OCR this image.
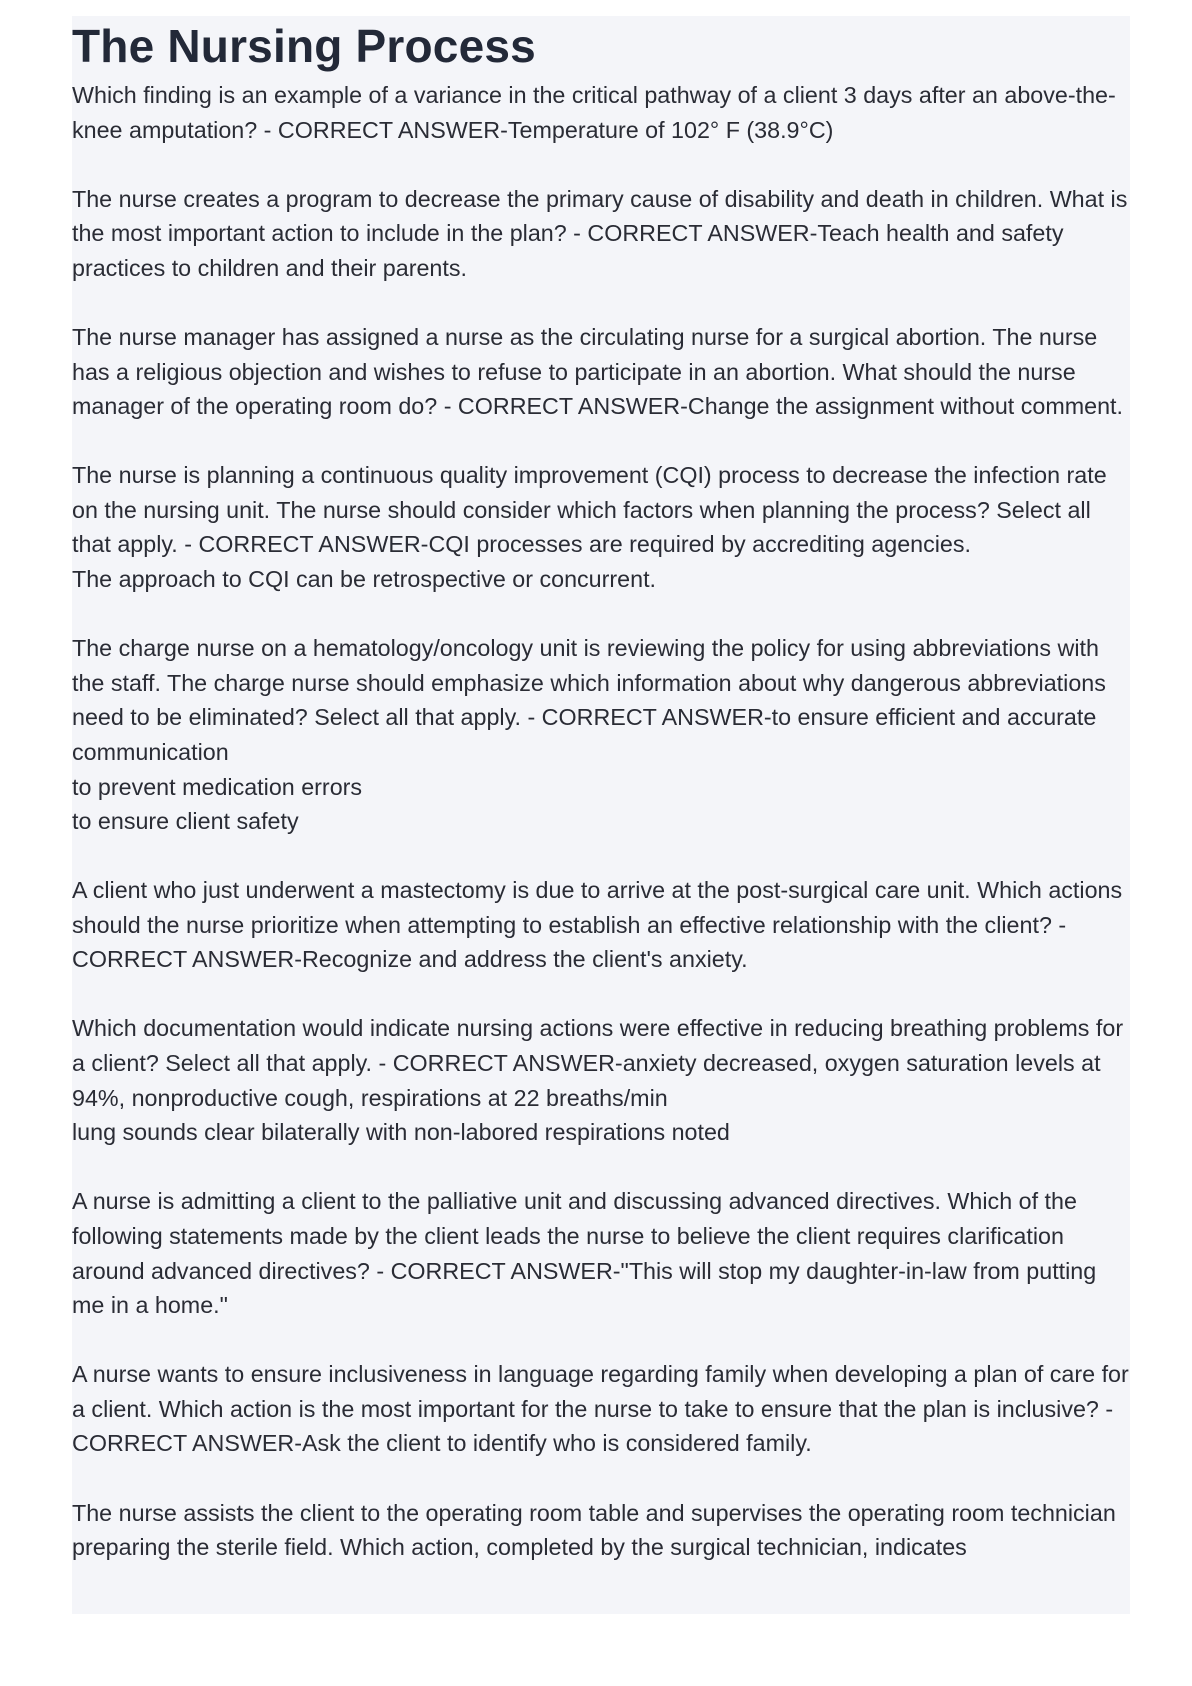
The Nursing Process

Which finding is an example of a variance in the critical pathway of a client 3 days after an above-the-knee amputation? - CORRECT ANSWER-Temperature of 102° F (38.9°C)

The nurse creates a program to decrease the primary cause of disability and death in children. What is the most important action to include in the plan? - CORRECT ANSWER-Teach health and safety practices to children and their parents.

The nurse manager has assigned a nurse as the circulating nurse for a surgical abortion. The nurse has a religious objection and wishes to refuse to participate in an abortion. What should the nurse manager of the operating room do? - CORRECT ANSWER-Change the assignment without comment.

The nurse is planning a continuous quality improvement (CQI) process to decrease the infection rate on the nursing unit. The nurse should consider which factors when planning the process? Select all that apply. - CORRECT ANSWER-CQI processes are required by accrediting agencies.
The approach to CQI can be retrospective or concurrent.

The charge nurse on a hematology/oncology unit is reviewing the policy for using abbreviations with the staff. The charge nurse should emphasize which information about why dangerous abbreviations need to be eliminated? Select all that apply. - CORRECT ANSWER-to ensure efficient and accurate communication
to prevent medication errors
to ensure client safety

A client who just underwent a mastectomy is due to arrive at the post-surgical care unit. Which actions should the nurse prioritize when attempting to establish an effective relationship with the client? - CORRECT ANSWER-Recognize and address the client's anxiety.

Which documentation would indicate nursing actions were effective in reducing breathing problems for a client? Select all that apply. - CORRECT ANSWER-anxiety decreased, oxygen saturation levels at 94%, nonproductive cough, respirations at 22 breaths/min
lung sounds clear bilaterally with non-labored respirations noted

A nurse is admitting a client to the palliative unit and discussing advanced directives. Which of the following statements made by the client leads the nurse to believe the client requires clarification around advanced directives? - CORRECT ANSWER-"This will stop my daughter-in-law from putting me in a home."

A nurse wants to ensure inclusiveness in language regarding family when developing a plan of care for a client. Which action is the most important for the nurse to take to ensure that the plan is inclusive? - CORRECT ANSWER-Ask the client to identify who is considered family.

The nurse assists the client to the operating room table and supervises the operating room technician preparing the sterile field. Which action, completed by the surgical technician, indicates
